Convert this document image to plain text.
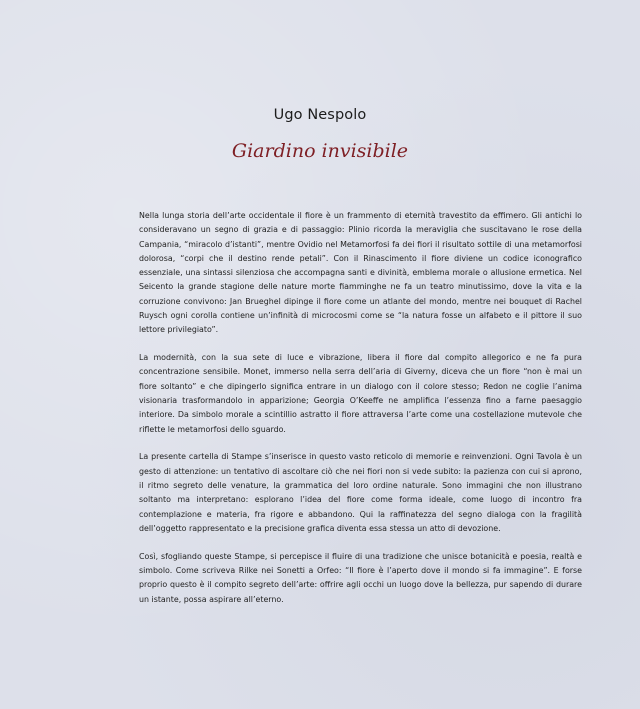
Ugo Nespolo
Giardino invisibile

Nella lunga storia dell’arte occidentale il fiore è un frammento di eternità travestito da effimero. Gli antichi lo consideravano un segno di grazia e di passaggio: Plinio ricorda la meraviglia che suscitavano le rose della Campania, “miracolo d’istanti”, mentre Ovidio nel Metamorfosi fa dei fiori il risultato sottile di una metamorfosi dolorosa, “corpi che il destino rende petali”. Con il Rinascimento il fiore diviene un codice iconografico essenziale, una sintassi silenziosa che accompagna santi e divinità, emblema morale o allusione ermetica. Nel Seicento la grande stagione delle nature morte fiamminghe ne fa un teatro minutissimo, dove la vita e la corruzione convivono: Jan Brueghel dipinge il fiore come un atlante del mondo, mentre nei bouquet di Rachel Ruysch ogni corolla contiene un’infinità di microcosmi come se “la natura fosse un alfabeto e il pittore il suo lettore privilegiato”.

La modernità, con la sua sete di luce e vibrazione, libera il fiore dal compito allegorico e ne fa pura concentrazione sensibile. Monet, immerso nella serra dell’aria di Giverny, diceva che un fiore “non è mai un fiore soltanto” e che dipingerlo significa entrare in un dialogo con il colore stesso; Redon ne coglie l’anima visionaria trasformandolo in apparizione; Georgia O’Keeffe ne amplifica l’essenza fino a farne paesaggio interiore. Da simbolo morale a scintillio astratto il fiore attraversa l’arte come una costellazione mutevole che riflette le metamorfosi dello sguardo.

La presente cartella di Stampe s’inserisce in questo vasto reticolo di memorie e reinvenzioni. Ogni Tavola è un gesto di attenzione: un tentativo di ascoltare ciò che nei fiori non si vede subito: la pazienza con cui si aprono, il ritmo segreto delle venature, la grammatica del loro ordine naturale. Sono immagini che non illustrano soltanto ma interpretano: esplorano l’idea del fiore come forma ideale, come luogo di incontro fra contemplazione e materia, fra rigore e abbandono. Qui la raffinatezza del segno dialoga con la fragilità dell’oggetto rappresentato e la precisione grafica diventa essa stessa un atto di devozione.

Così, sfogliando queste Stampe, si percepisce il fluire di una tradizione che unisce botanicità e poesia, realtà e simbolo. Come scriveva Rilke nei Sonetti a Orfeo: “Il fiore è l’aperto dove il mondo si fa immagine”. E forse proprio questo è il compito segreto dell’arte: offrire agli occhi un luogo dove la bellezza, pur sapendo di durare un istante, possa aspirare all’eterno.
